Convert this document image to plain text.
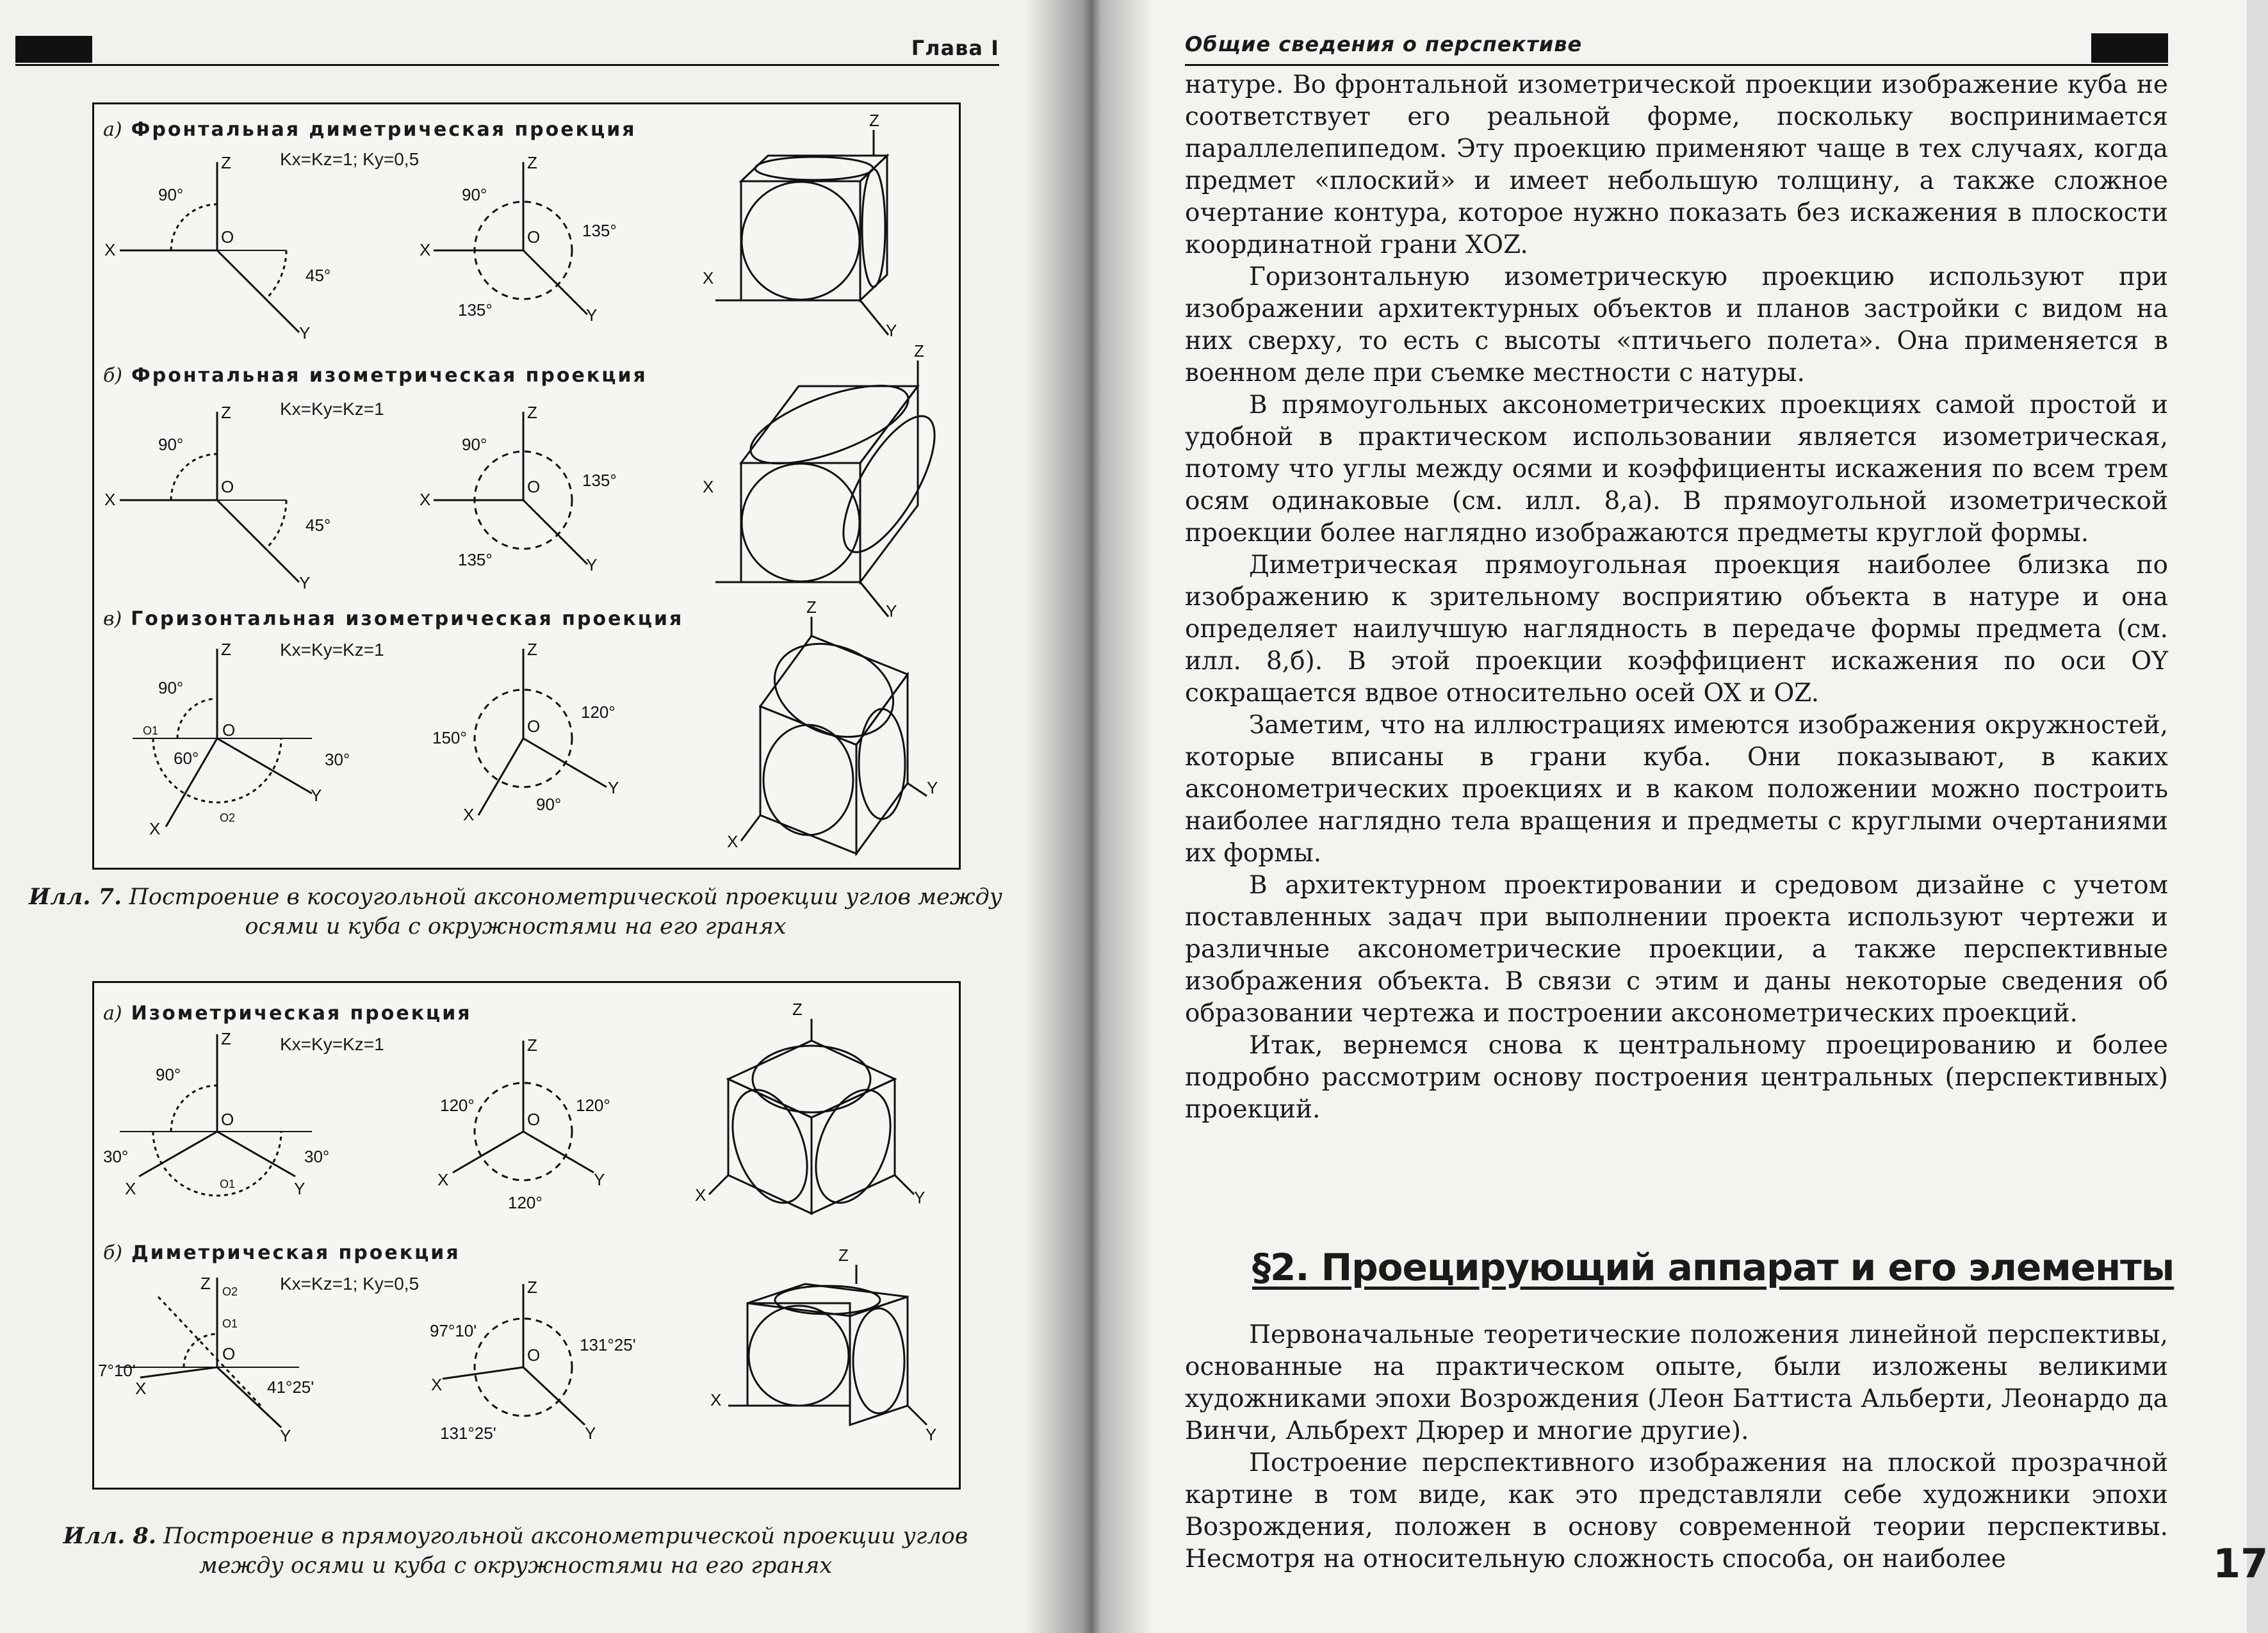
Глава I
а) Фронтальная диметрическая проекция
Kx=Kz=1; Ky=0,5
б) Фронтальная изометрическая проекция
Kx=Ky=Kz=1
в) Горизонтальная изометрическая проекция
Kx=Ky=Kz=1
Z
X
O
Y
Z
X
O
Y
Z
X
Y
Z
X
O
Y
Z
X
O
Y
Z
X
Y
Z
X
O
Y
O1
O2
Z
X
O
Y
Z
X
Y
90°
45°
90°
135°
135°
90°
45°
90°
135°
135°
90°
60°	30°
150°
120°
90°
Илл. 7. Построение в косоугольной аксонометрической проекции углов между осями и куба с окружностями на его гранях
а) Изометрическая проекция
Kx=Ky=Kz=1
б) Диметрическая проекция
Kx=Kz=1; Ky=0,5
Z
X
O
Y
O1
Z
X
O
Y
Z
X	Y
Z
X
O
Y
O1
O2	Z
X
O
Y
Z
X
Y
90°
30°	30°
120°	120°
120°
7°10'
41°25'
97°10'
131°25'
131°25'
Илл. 8. Построение в прямоугольной аксонометрической проекции углов между осями и куба с окружностями на его гранях
Общие сведения о перспективе

натуре. Во фронтальной изометрической проекции изображение куба не соответствует его реальной форме, поскольку воспринимается параллелепипедом. Эту проекцию применяют чаще в тех случаях, когда предмет «плоский» и имеет небольшую толщину, а также сложное очертание контура, которое нужно показать без искажения в плоскости координатной грани XOZ.

Горизонтальную изометрическую проекцию используют при изображении архитектурных объектов и планов застройки с видом на них сверху, то есть с высоты «птичьего полета». Она применяется в военном деле при съемке местности с натуры.

В прямоугольных аксонометрических проекциях самой простой и удобной в практическом использовании является изометрическая, потому что углы между осями и коэффициенты искажения по всем трем осям одинаковые (см. илл. 8,а). В прямоугольной изометрической проекции более наглядно изображаются предметы круглой формы.

Диметрическая прямоугольная проекция наиболее близка по изображению к зрительному восприятию объекта в натуре и она определяет наилучшую наглядность в передаче формы предмета (см. илл. 8,б). В этой проекции коэффициент искажения по оси OY сокращается вдвое относительно осей OX и OZ.

Заметим, что на иллюстрациях имеются изображения окружностей, которые вписаны в грани куба. Они показывают, в каких аксонометрических проекциях и в каком положении можно построить наиболее наглядно тела вращения и предметы с круглыми очертаниями их формы.

В архитектурном проектировании и средовом дизайне с учетом поставленных задач при выполнении проекта используют чертежи и различные аксонометрические проекции, а также перспективные изображения объекта. В связи с этим и даны некоторые сведения об образовании чертежа и построении аксонометрических проекций.

Итак, вернемся снова к центральному проецированию и более подробно рассмотрим основу построения центральных (перспективных) проекций.

§2. Проецирующий аппарат и его элементы

Первоначальные теоретические положения линейной перспективы, основанные на практическом опыте, были изложены великими художниками эпохи Возрождения (Леон Баттиста Альберти, Леонардо да Винчи, Альбрехт Дюрер и многие другие).

Построение перспективного изображения на плоской прозрачной картине в том виде, как это представляли себе художники эпохи Возрождения, положен в основу современной теории перспективы. Несмотря на относительную сложность способа, он наиболее	17
